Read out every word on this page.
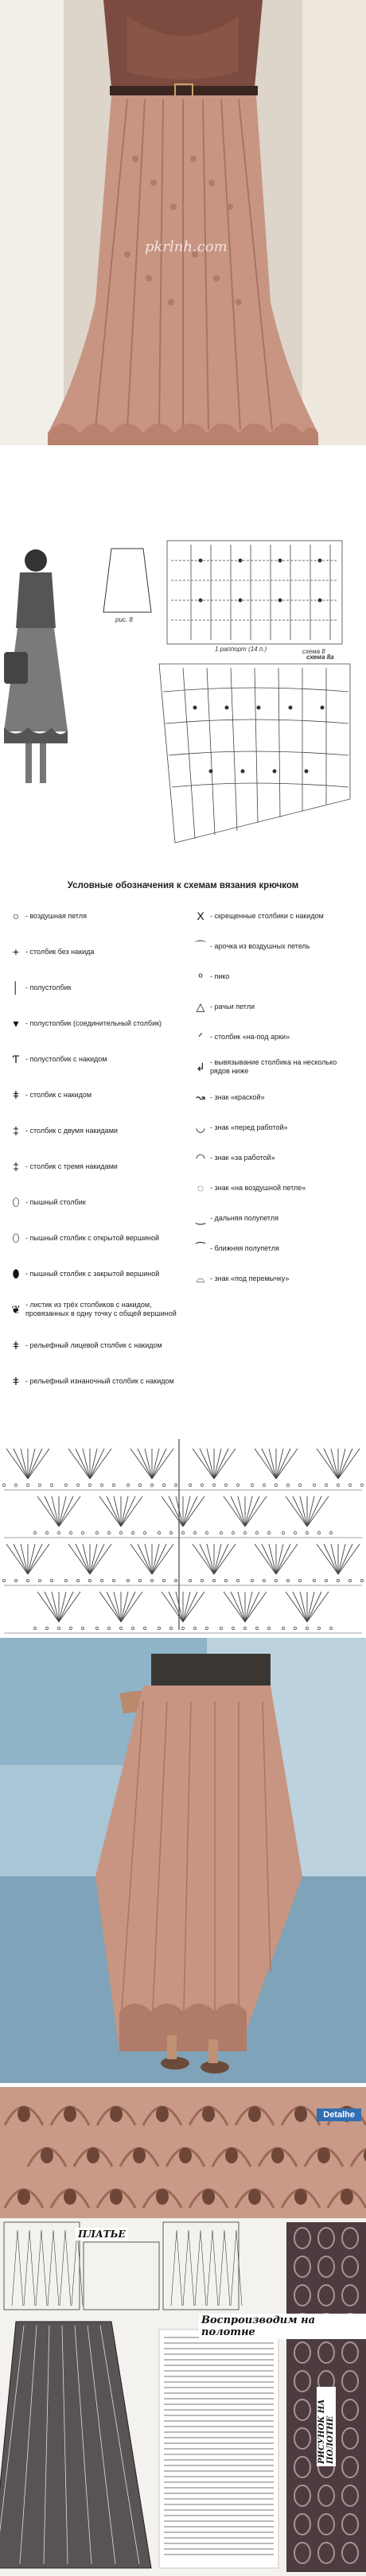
pkrlnh.com
рис. 8
схема 8
схема 8а
1 раппорт (14 п.)
Условные обозначения к схемам вязания крючком
○ - воздушная петля
+ - столбик без накида
│ - полустолбик
▾ - полустолбик (соединительный столбик)
Ƭ - полустолбик с накидом
ǂ - столбик с накидом
‡ - столбик с двумя накидами
‡ - столбик с тремя накидами
⬯ - пышный столбик
⬯ - пышный столбик с открытой вершиной
⬮ - пышный столбик с закрытой вершиной
❦ - листик из трёх столбиков с накидом, провязанных в одну точку с общей вершиной
ǂ - рельефный лицевой столбик с накидом
ǂ - рельефный изнаночный столбик с накидом
X - скрещенные столбики с накидом
⌒ - арочка из воздушных петель
ᵒ	- пико
△ - рачьи петли
ᐟ	- столбик «на-под арки»
↲ - вывязывание столбика на несколько рядов ниже
↝ - знак «краской»
◡ - знак «перед работой»
◠ - знак «за работой»
◌ - знак «на воздушной петле»
‿ - дальняя полупетля
⁀ - ближняя полупетля
⌓ - знак «под перемычку»
Detalhe
ПЛАТЬЕ
Воспроизводим на полотне
РИСУНОК НА ПОЛОТНЕ
